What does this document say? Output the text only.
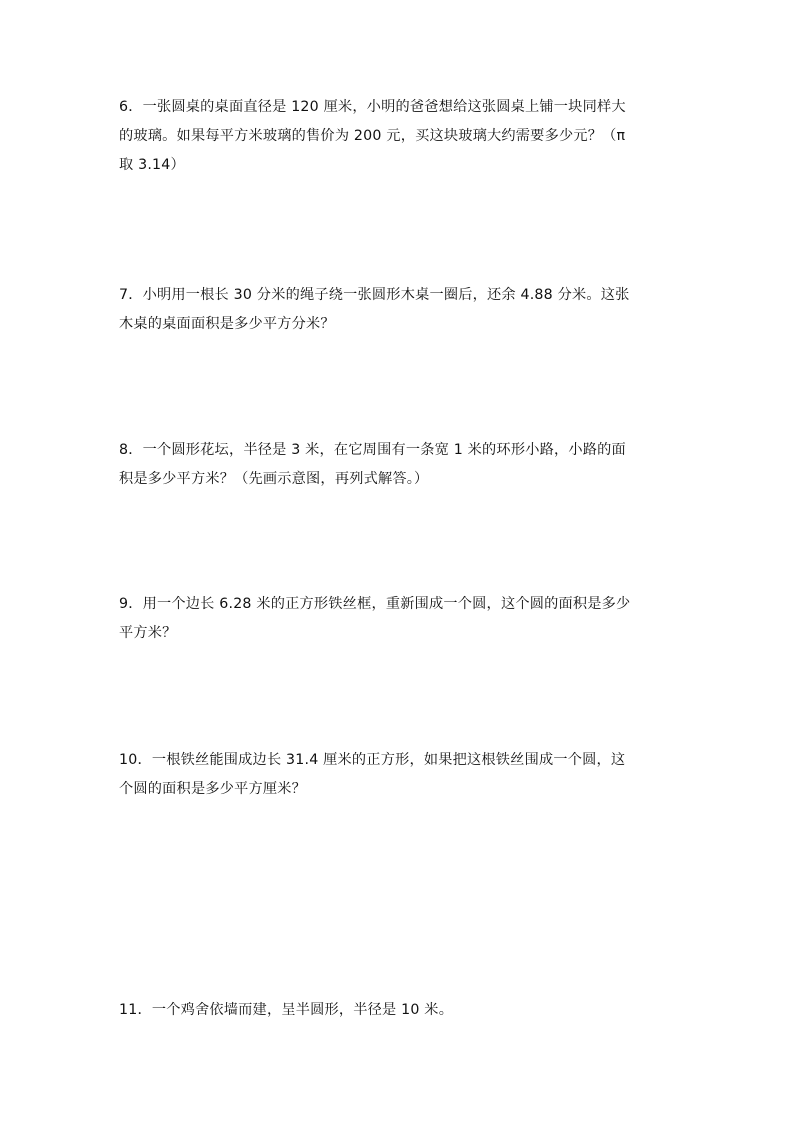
6．一张圆桌的桌面直径是 120 厘米，小明的爸爸想给这张圆桌上铺一块同样大
的玻璃。如果每平方米玻璃的售价为 200 元，买这块玻璃大约需要多少元？（π
取 3.14）
7．小明用一根长 30 分米的绳子绕一张圆形木桌一圈后，还余 4.88 分米。这张
木桌的桌面面积是多少平方分米？
8．一个圆形花坛，半径是 3 米，在它周围有一条宽 1 米的环形小路，小路的面
积是多少平方米？（先画示意图，再列式解答。）
9．用一个边长 6.28 米的正方形铁丝框，重新围成一个圆，这个圆的面积是多少
平方米？
10．一根铁丝能围成边长 31.4 厘米的正方形，如果把这根铁丝围成一个圆，这
个圆的面积是多少平方厘米？
11．一个鸡舍依墙而建，呈半圆形，半径是 10 米。
